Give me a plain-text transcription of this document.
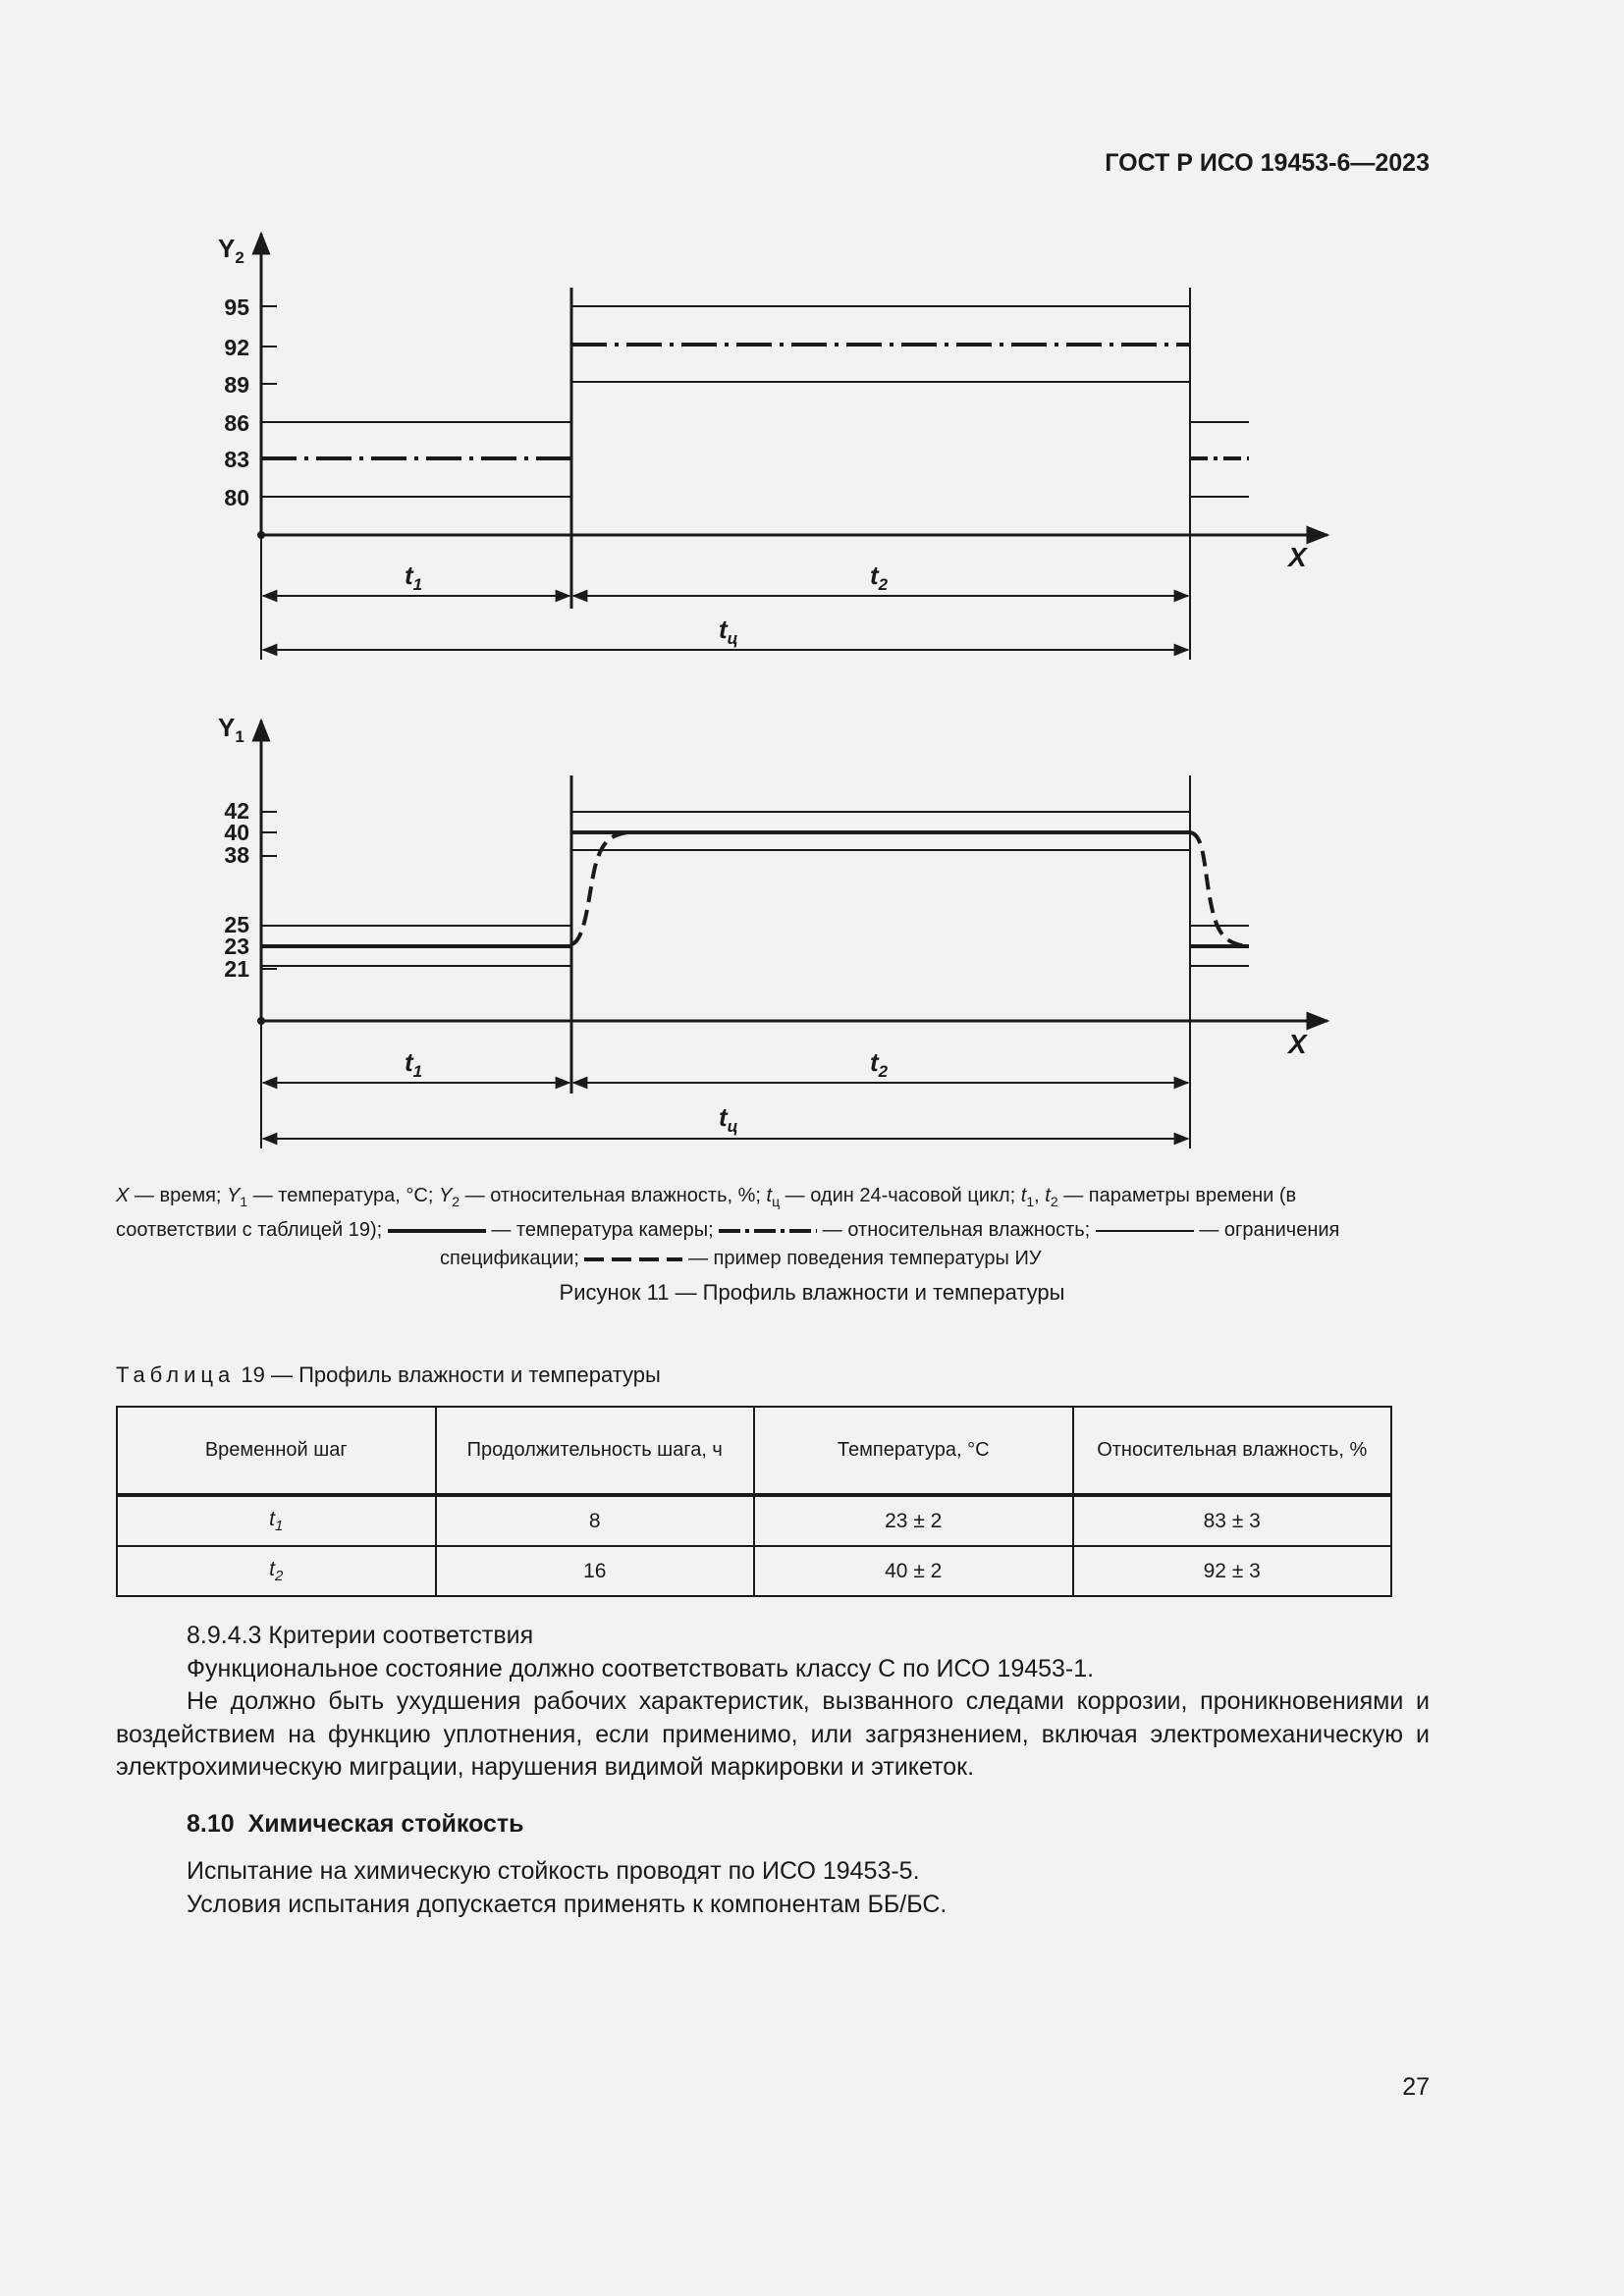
ГОСТ Р ИСО 19453-6—2023
$Y_2$
X
95
92
89
86
83
80
$t_1$	$t_2$
$t_ц$
$Y_1$
X
42
40
38
25
23
21
$t_1$	$t_2$
$t_ц$
X — время; $Y_1$ — температура, °C; $Y_2$ — относительная влажность, %; $t_ц$ — один 24-часовой цикл; $t_1$, $t_2$ — параметры времени (в
соответствии с таблицей 19);	— температура камеры;	— относительная влажность;	— ограничения
спецификации;	— пример поведения температуры ИУ
Рисунок 11 — Профиль влажности и температуры
Таблица 19 — Профиль влажности и температуры
Временной шаг	Продолжительность шага, ч	Температура, °C	Относительная влажность, %
$t_1$	8	23 ± 2	83 ± 3
$t_2$	16	40 ± 2	92 ± 3

8.9.4.3 Критерии соответствия

Функциональное состояние должно соответствовать классу С по ИСО 19453-1.

Не должно быть ухудшения рабочих характеристик, вызванного следами коррозии, проникновениями и воздействием на функцию уплотнения, если применимо, или загрязнением, включая электромеханическую и электрохимическую миграции, нарушения видимой маркировки и этикеток.

8.10 Химическая стойкость

Испытание на химическую стойкость проводят по ИСО 19453-5.

Условия испытания допускается применять к компонентам ББ/БС.

27
